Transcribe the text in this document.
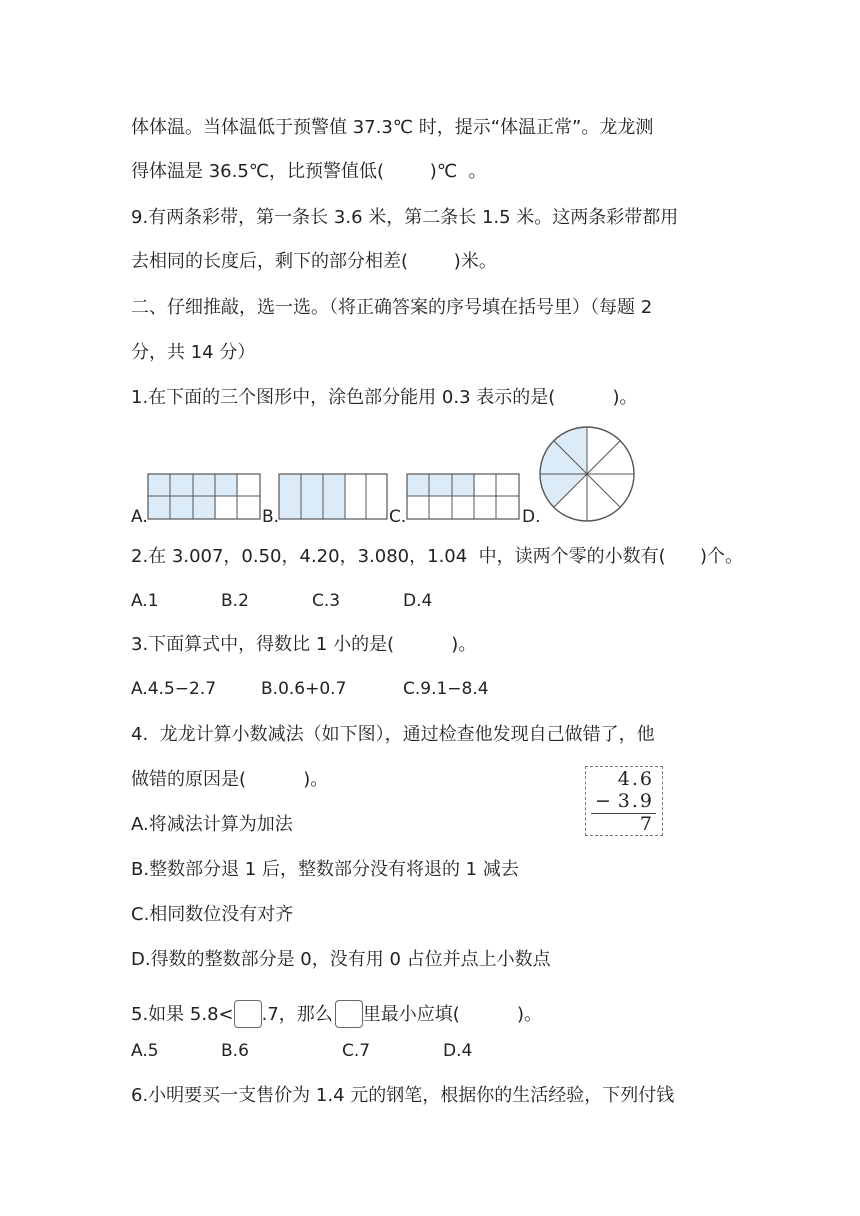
体体温。当体温低于预警值 37.3℃ 时，提示“体温正常”。龙龙测
得体温是 36.5℃，比预警值低(        )℃  。
9.有两条彩带，第一条长 3.6 米，第二条长 1.5 米。这两条彩带都用
去相同的长度后，剩下的部分相差(        )米。
二、仔细推敲，选一选。（将正确答案的序号填在括号里）（每题 2
分，共 14 分）
1.在下面的三个图形中，涂色部分能用 0.3 表示的是(          )。
A.	B.	C.	D.
2.在 3.007，0.50，4.20，3.080，1.04  中，读两个零的小数有(      )个。
A.1	B.2	C.3	D.4
3.下面算式中，得数比 1 小的是(          )。
A.4.5−2.7	B.0.6+0.7	C.9.1−8.4
4.  龙龙计算小数减法（如下图），通过检查他发现自己做错了，他
做错的原因是(          )。	4.6
− 3.9
7
A.将减法计算为加法
B.整数部分退 1 后，整数部分没有将退的 1 减去
C.相同数位没有对齐
D.得数的整数部分是 0，没有用 0 占位并点上小数点
5.如果 5.8< .7，那么 里最小应填(          )。
A.5	B.6	C.7	D.4
6.小明要买一支售价为 1.4 元的钢笔，根据你的生活经验，下列付钱
